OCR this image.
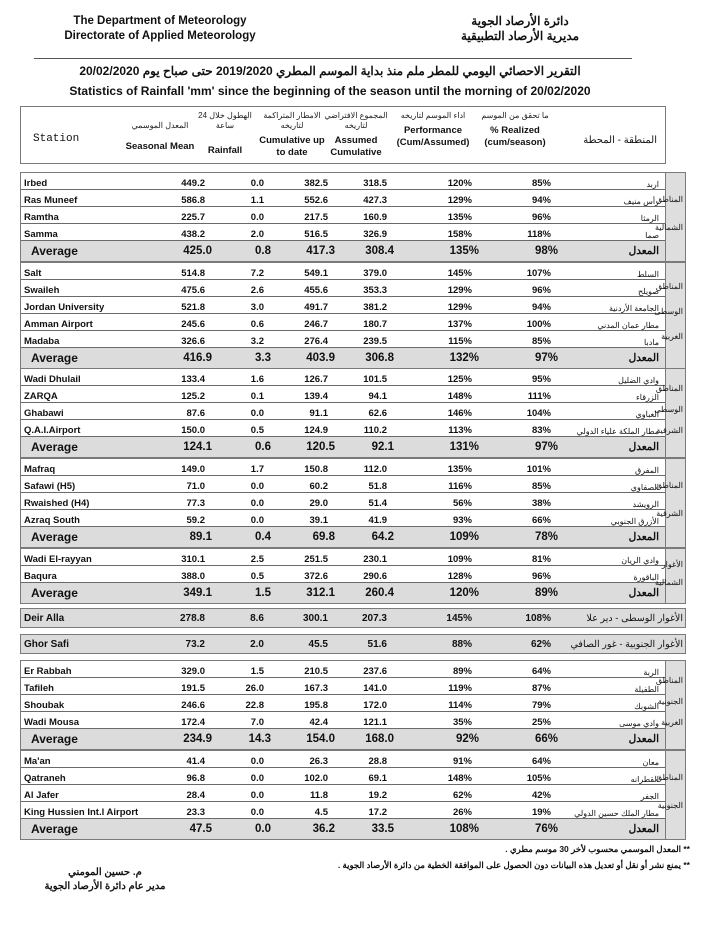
The Department of Meteorology
Directorate of Applied Meteorology
دائرة الأرصاد الجوية
مديرية الأرصاد التطبيقية
التقرير الاحصائي اليومي للمطر ملم منذ بداية الموسم المطري 2019/2020 حتى صباح يوم 20/02/2020
Statistics of Rainfall 'mm' since the beginning of the season until the morning of 20/02/2020
Station
المعدل الموسمي
Seasonal Mean
الهطول خلال 24 ساعة
Rainfall
الامطار المتراكمة لتاريخه
Cumulative up to date
المجموع الافتراضي لتاريخه
Assumed Cumulative
اداء الموسم لتاريخه
Performance (Cum/Assumed)
ما تحقق من الموسم
% Realized (cum/season)	المنطقة - المحطة
Irbed	449.2	0.0	382.5	318.5	120%	85%	اربد
Ras Muneef	586.8	1.1	552.6	427.3	129%	94%	رأس منيف
Ramtha	225.7	0.0	217.5	160.9	135%	96%	الرمثا
Samma	438.2	2.0	516.5	326.9	158%	118%	صما
Average	425.0	0.8	417.3	308.4	135%	98%	المعدل
المناطق
الشمالية
Salt	514.8	7.2	549.1	379.0	145%	107%	السلط
Swaileh	475.6	2.6	455.6	353.3	129%	96%	صويلح
Jordan University	521.8	3.0	491.7	381.2	129%	94%	الجامعة الأردنية
Amman Airport	245.6	0.6	246.7	180.7	137%	100%	مطار عمان المدني
Madaba	326.6	3.2	276.4	239.5	115%	85%	مادبا
Average	416.9	3.3	403.9	306.8	132%	97%	المعدل
المناطق
الوسطى
الغربية
Wadi Dhulail	133.4	1.6	126.7	101.5	125%	95%	وادي الضليل
ZARQA	125.2	0.1	139.4	94.1	148%	111%	الزرقاء
Ghabawi	87.6	0.0	91.1	62.6	146%	104%	الغباوي
Q.A.I.Airport	150.0	0.5	124.9	110.2	113%	83%	مطار الملكة علياء الدولي
Average	124.1	0.6	120.5	92.1	131%	97%	المعدل
المناطق
الوسطى
الشرقية
Mafraq	149.0	1.7	150.8	112.0	135%	101%	المفرق
Safawi (H5)	71.0	0.0	60.2	51.8	116%	85%	الصفاوي
Rwaished (H4)	77.3	0.0	29.0	51.4	56%	38%	الرويشد
Azraq South	59.2	0.0	39.1	41.9	93%	66%	الأزرق الجنوبي
Average	89.1	0.4	69.8	64.2	109%	78%	المعدل
المناطق
الشرقية
Wadi El-rayyan	310.1	2.5	251.5	230.1	109%	81%	وادي الريان
Baqura	388.0	0.5	372.6	290.6	128%	96%	الباقورة
Average	349.1	1.5	312.1	260.4	120%	89%	المعدل
الأغوار
الشمالية
Deir Alla	278.8	8.6	300.1	207.3	145%	108%	الأغوار الوسطى - دير علا
Ghor Safi	73.2	2.0	45.5	51.6	88%	62%	الأغوار الجنوبية - غور الصافي
Er Rabbah	329.0	1.5	210.5	237.6	89%	64%	الربة
Tafileh	191.5	26.0	167.3	141.0	119%	87%	الطفيلة
Shoubak	246.6	22.8	195.8	172.0	114%	79%	الشوبك
Wadi Mousa	172.4	7.0	42.4	121.1	35%	25%	وادي موسى
Average	234.9	14.3	154.0	168.0	92%	66%	المعدل
المناطق
الجنوبية
الغربية
Ma'an	41.4	0.0	26.3	28.8	91%	64%	معان
Qatraneh	96.8	0.0	102.0	69.1	148%	105%	القطرانه
Al Jafer	28.4	0.0	11.8	19.2	62%	42%	الجفر
King Hussien Int.l Airport	23.3	0.0	4.5	17.2	26%	19%	مطار الملك حسين الدولي
Average	47.5	0.0	36.2	33.5	108%	76%	المعدل
المناطق
الجنوبية
** المعدل الموسمي محسوب لأخر 30 موسم مطري .
** يمنع نشر أو نقل أو تعديل هذه البيانات دون الحصول على الموافقة الخطية من دائرة الأرصاد الجوية .
م. حسين المومني
مدير عام دائرة الأرصاد الجوية
